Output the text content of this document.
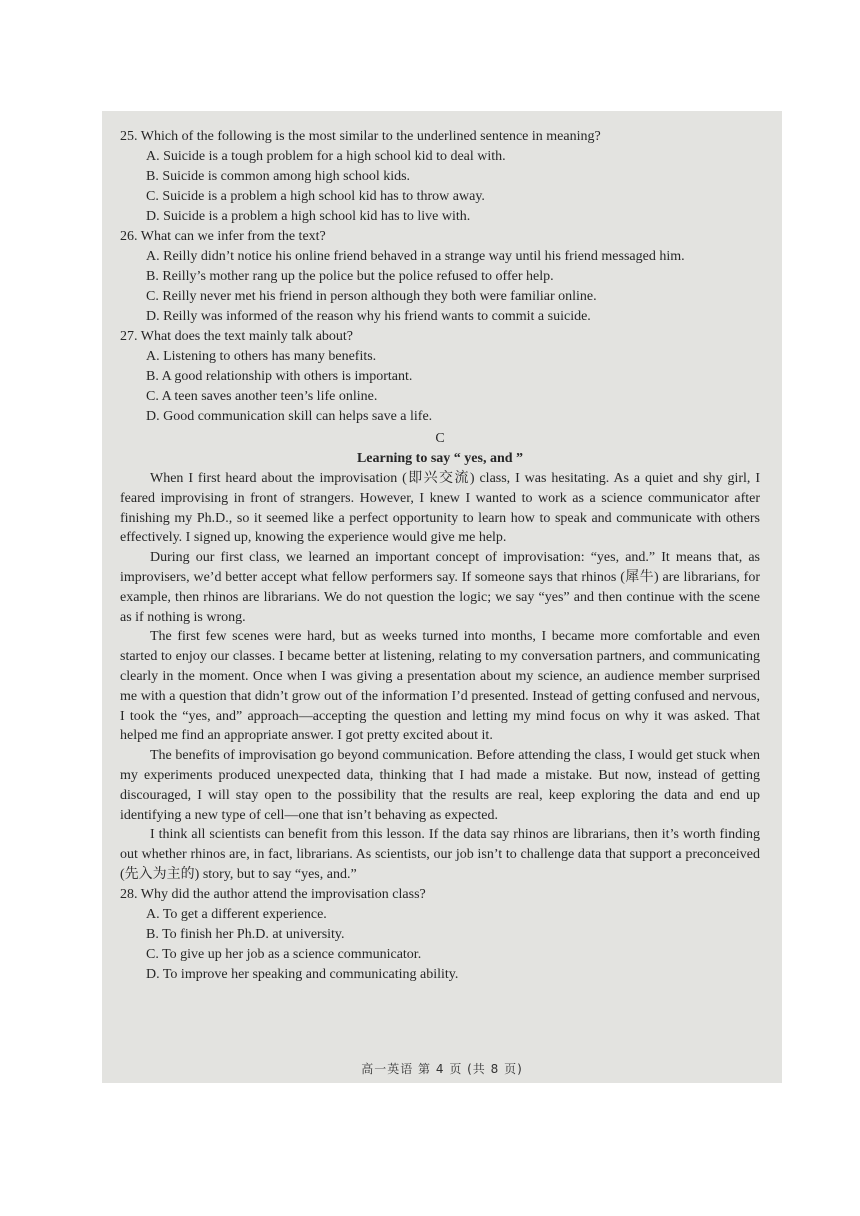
25. Which of the following is the most similar to the underlined sentence in meaning?

A. Suicide is a tough problem for a high school kid to deal with.

B. Suicide is common among high school kids.

C. Suicide is a problem a high school kid has to throw away.

D. Suicide is a problem a high school kid has to live with.

26. What can we infer from the text?

A. Reilly didn’t notice his online friend behaved in a strange way until his friend messaged him.

B. Reilly’s mother rang up the police but the police refused to offer help.

C. Reilly never met his friend in person although they both were familiar online.

D. Reilly was informed of the reason why his friend wants to commit a suicide.

27. What does the text mainly talk about?

A. Listening to others has many benefits.

B. A good relationship with others is important.

C. A teen saves another teen’s life online.

D. Good communication skill can helps save a life.

C
Learning to say “ yes, and ”

When I first heard about the improvisation (即兴交流) class, I was hesitating. As a quiet and shy girl, I feared improvising in front of strangers. However, I knew I wanted to work as a science communicator after finishing my Ph.D., so it seemed like a perfect opportunity to learn how to speak and communicate with others effectively. I signed up, knowing the experience would give me help.

During our first class, we learned an important concept of improvisation: “yes, and.” It means that, as improvisers, we’d better accept what fellow performers say. If someone says that rhinos (犀牛) are librarians, for example, then rhinos are librarians. We do not question the logic; we say “yes” and then continue with the scene as if nothing is wrong.

The first few scenes were hard, but as weeks turned into months, I became more comfortable and even started to enjoy our classes. I became better at listening, relating to my conversation partners, and communicating clearly in the moment. Once when I was giving a presentation about my science, an audience member surprised me with a question that didn’t grow out of the information I’d presented. Instead of getting confused and nervous, I took the “yes, and” approach—accepting the question and letting my mind focus on why it was asked. That helped me find an appropriate answer. I got pretty excited about it.

The benefits of improvisation go beyond communication. Before attending the class, I would get stuck when my experiments produced unexpected data, thinking that I had made a mistake. But now, instead of getting discouraged, I will stay open to the possibility that the results are real, keep exploring the data and end up identifying a new type of cell—one that isn’t behaving as expected.

I think all scientists can benefit from this lesson. If the data say rhinos are librarians, then it’s worth finding out whether rhinos are, in fact, librarians. As scientists, our job isn’t to challenge data that support a preconceived (先入为主的) story, but to say “yes, and.”

28. Why did the author attend the improvisation class?

A. To get a different experience.

B. To finish her Ph.D. at university.

C. To give up her job as a science communicator.

D. To improve her speaking and communicating ability.

高一英语 第 4 页 (共 8 页)
